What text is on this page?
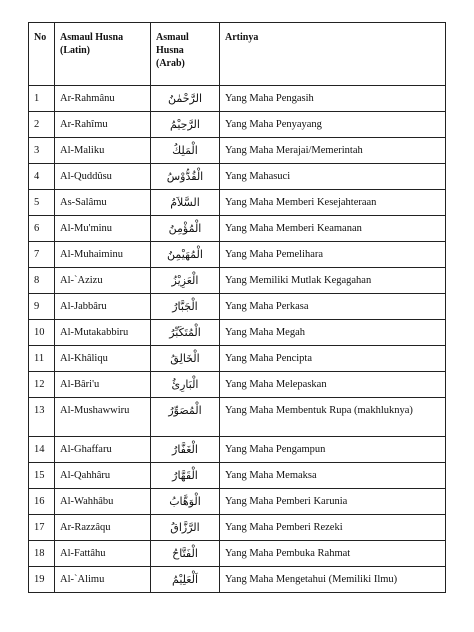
No	Asmaul Husna (Latin)	Asmaul Husna (Arab)	Artinya
1	Ar-Rahmânu	الرَّحْمٰنُ	Yang Maha Pengasih
2	Ar-Rahîmu	الرَّحِيْمُ	Yang Maha Penyayang
3	Al-Maliku	الْمَلِكُ	Yang Maha Merajai/Memerintah
4	Al-Quddûsu	الْقُدُّوْسُ	Yang Mahasuci
5	As-Salâmu	السَّلاَمُ	Yang Maha Memberi Kesejahteraan
6	Al-Mu'minu	الْمُؤْمِنُ	Yang Maha Memberi Keamanan
7	Al-Muhaiminu	الْمُهَيْمِنُ	Yang Maha Pemelihara
8	Al-`Azizu	الْعَزِيْزُ	Yang Memiliki Mutlak Kegagahan
9	Al-Jabbâru	الْجَبَّارُ	Yang Maha Perkasa
10	Al-Mutakabbiru	الْمُتَكَبِّرُ	Yang Maha Megah
11	Al-Khâliqu	الْخَالِقُ	Yang Maha Pencipta
12	Al-Bâri'u	الْبَارِئُ	Yang Maha Melepaskan
13	Al-Mushawwiru	الْمُصَوِّرُ	Yang Maha Membentuk Rupa (makhluknya)
14	Al-Ghaffaru	الْغَفَّارُ	Yang Maha Pengampun
15	Al-Qahhâru	الْقَهَّارُ	Yang Maha Memaksa
16	Al-Wahhâbu	الْوَهَّابُ	Yang Maha Pemberi Karunia
17	Ar-Razzâqu	الرَّزَّاقُ	Yang Maha Pemberi Rezeki
18	Al-Fattâhu	الْفَتَّاحُ	Yang Maha Pembuka Rahmat
19	Al-`Alimu	اَلْعَلِيْمُ	Yang Maha Mengetahui (Memiliki Ilmu)
